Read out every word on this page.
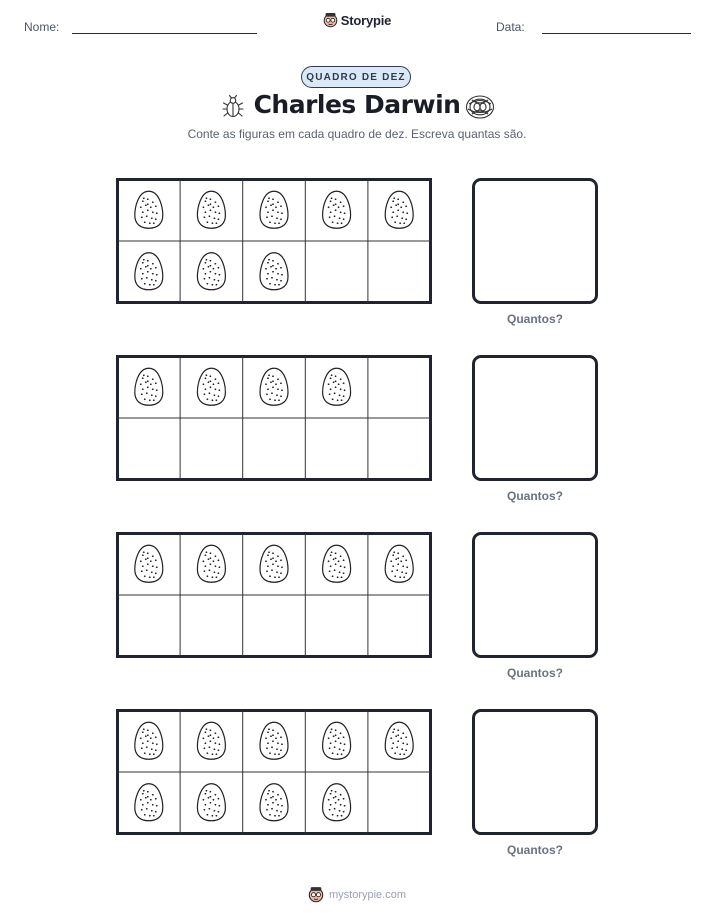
Nome:	Storypie	Data:
QUADRO DE DEZ
Charles Darwin
Conte as figuras em cada quadro de dez. Escreva quantas são.
Quantos?
Quantos?
Quantos?
Quantos?
mystorypie.com
